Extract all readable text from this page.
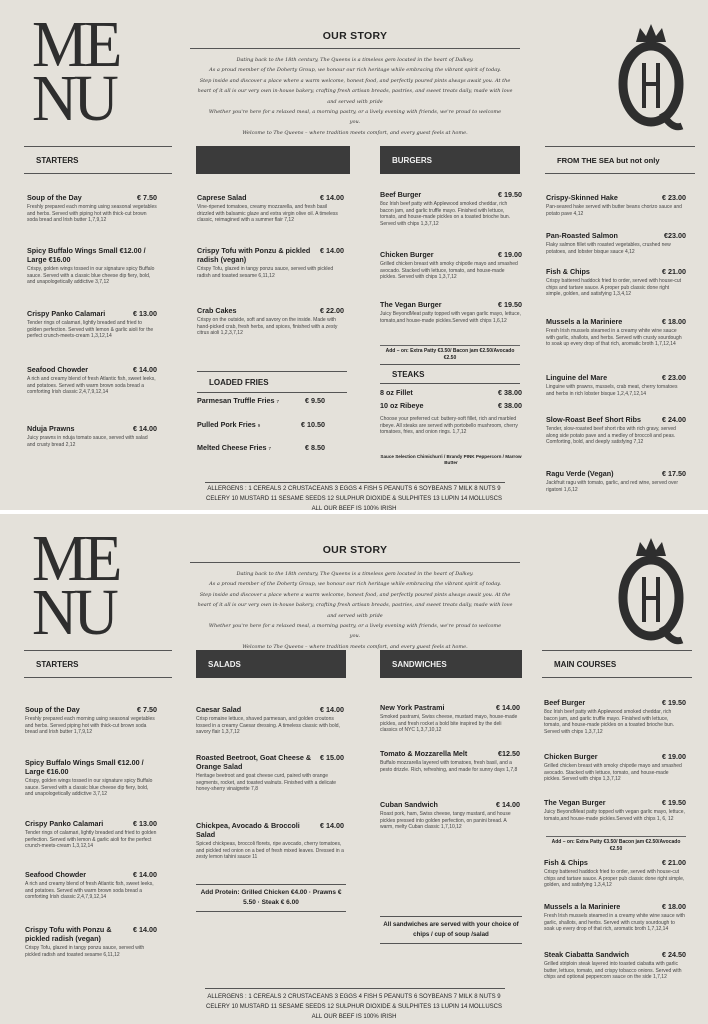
ME
NU
OUR STORY

Dating back to the 18th century, The Queens is a timeless gem located in the heart of Dalkey.

As a proud member of the Doherty Group, we honour our rich heritage while embracing the vibrant spirit of today.

Step inside and discover a place where a warm welcome, honest food, and perfectly poured pints always await you. At the

heart of it all is our very own in-house bakery, crafting fresh artisan breads, pastries, and sweet treats daily, made with love

and served with pride

Whether you're here for a relaxed meal, a morning pastry, or a lively evening with friends, we're proud to welcome

you.

Welcome to The Queens – where tradition meets comfort, and every guest feels at home.

STARTERS	BURGERS	FROM THE SEA but not only
Soup of the Day	€ 7.50
Freshly prepared each morning using seasonal vegetables and herbs. Served with piping hot with thick-cut brown soda bread and Irish butter 1,7,9,12
Spicy Buffalo Wings Small €12.00 / Large €16.00
Crispy, golden wings tossed in our signature spicy Buffalo sauce. Served with a classic blue cheese dip fiery, bold, and unapologetically addictive 3,7,12
Crispy Panko Calamari	€ 13.00
Tender rings of calamari, lightly breaded and fried to golden perfection. Served with lemon & garlic aioli for the perfect crunch-meets-cream 1,3,12,14
Seafood Chowder	€ 14.00
A rich and creamy blend of fresh Atlantic fish, sweet leeks, and potatoes. Served with warm brown soda bread a comforting Irish classic 2,4,7,9,12,14
Nduja Prawns	€ 14.00
Juicy prawns in nduja tomato sauce, served with salad and crusty bread 2,12
Caprese Salad	€ 14.00
Vine-ripened tomatoes, creamy mozzarella, and fresh basil drizzled with balsamic glaze and extra virgin olive oil. A timeless classic, reimagined with a summer flair 7,12
Crispy Tofu with Ponzu & pickled radish (vegan)
€ 14.00
Crispy Tofu, glazed in tangy ponzu sauce, served with pickled radish and toasted sesame 6,11,12
Crab Cakes	€ 22.00
Crispy on the outside, soft and savory on the inside. Made with hand-picked crab, fresh herbs, and spices, finished with a zesty citrus aioli 1,2,3,7,12
LOADED FRIES
Parmesan Truffle Fries 7	€ 9.50
Pulled Pork Fries 9	€ 10.50
Melted Cheese Fries 7	€ 8.50
Beef Burger	€ 19.50
8oz Irish beef patty with Applewood smoked cheddar, rich bacon jam, and garlic truffle mayo. Finished with lettuce, tomato, and house-made pickles on a toasted brioche bun. Served with chips 1,3,7,12
Chicken Burger	€ 19.00
Grilled chicken breast with smoky chipotle mayo and smashed avocado. Stacked with lettuce, tomato, and house-made pickles. Served with chips 1,3,7,12
The Vegan Burger	€ 19.50
Juicy BeyondMeat patty topped with vegan garlic mayo, lettuce, tomato,and house-made pickles.Served with chips 1,6,12
Add – on: Extra Patty €3.50/ Bacon jam €2.50/Avocado €2.50
STEAKS
8 oz Fillet	€ 38.00
10 oz Ribeye	€ 38.00
Choose your preferred cut: buttery-soft fillet, rich and marbled ribeye. All steaks are served with portobello mushroom, cherry tomatoes, fries, and onion rings. 1,7,12
Sauce Selection Chimichurri / Brandy PINK Peppercorn / Marrow Butter
Crispy-Skinned Hake	€ 23.00
Pan-seared hake served with butter beans chorizo sauce and potato pave 4,12
Pan-Roasted Salmon	€23.00
Flaky salmon fillet with roasted vegetables, crushed new potatoes, and lobster bisque sauce 4,12
Fish & Chips	€ 21.00
Crispy battered haddock fried to order, served with house-cut chips and tartare sauce. A proper pub classic done right simple, golden, and satisfying 1,3,4,12
Mussels a la Mariniere	€ 18.00
Fresh Irish mussels steamed in a creamy white wine sauce with garlic, shallots, and herbs. Served with crusty sourdough to soak up every drop of that rich, aromatic broth 1,7,12,14
Linguine del Mare	€ 23.00
Linguine with prawns, mussels, crab meat, cherry tomatoes and herbs in rich lobster bisque 1,2,4,7,12,14
Slow-Roast Beef Short Ribs	€ 24.00
Tender, slow-roasted beef short ribs with rich gravy, served along side potato pave and a medley of broccoli and peas. Comforting, bold, and deeply satisfying 7,12
Ragu Verde (Vegan)	€ 17.50
Jackfruit ragu with tomato, garlic, and red wine, served over rigatoni 1,6,12
ALLERGENS : 1 CEREALS 2 CRUSTACEANS 3 EGGS 4 FISH 5 PEANUTS 6 SOYBEANS 7 MILK 8 NUTS 9
CELERY 10 MUSTARD 11 SESAME SEEDS 12 SULPHUR DIOXIDE & SULPHITES 13 LUPIN 14 MOLLUSCS
ALL OUR BEEF IS 100% IRISH
ME
NU
OUR STORY

Dating back to the 18th century, The Queens is a timeless gem located in the heart of Dalkey.

As a proud member of the Doherty Group, we honour our rich heritage while embracing the vibrant spirit of today.

Step inside and discover a place where a warm welcome, honest food, and perfectly poured pints always await you. At the

heart of it all is our very own in-house bakery, crafting fresh artisan breads, pastries, and sweet treats daily, made with love

and served with pride

Whether you're here for a relaxed meal, a morning pastry, or a lively evening with friends, we're proud to welcome

you.

Welcome to The Queens – where tradition meets comfort, and every guest feels at home.

STARTERS	SALADS	SANDWICHES	MAIN COURSES
Soup of the Day	€ 7.50
Freshly prepared each morning using seasonal vegetables and herbs. Served piping hot with thick-cut brown soda bread and Irish butter 1,7,9,12
Spicy Buffalo Wings Small €12.00 / Large €16.00
Crispy, golden wings tossed in our signature spicy Buffalo sauce. Served with a classic blue cheese dip fiery, bold, and unapologetically addictive 3,7,12
Crispy Panko Calamari	€ 13.00
Tender rings of calamari, lightly breaded and fried to golden perfection. Served with lemon & garlic aioli for the perfect crunch-meets-cream 1,3,12,14
Seafood Chowder	€ 14.00
A rich and creamy blend of fresh Atlantic fish, sweet leeks, and potatoes. Served with warm brown soda bread a comforting Irish classic 2,4,7,9,12,14
Crispy Tofu with Ponzu & pickled radish (vegan)
€ 14.00
Crispy Tofu, glazed in tangy ponzu sauce, served with pickled radish and toasted sesame 6,11,12
Caesar Salad	€ 14.00
Crisp romaine lettuce, shaved parmesan, and golden croutons tossed in a creamy Caesar dressing. A timeless classic with bold, savory flair 1,3,7,12
Roasted Beetroot, Goat Cheese & Orange Salad
€ 15.00
Heritage beetroot and goat cheese curd, paired with orange segments, rocket, and toasted walnuts. Finished with a delicate honey-sherry vinaigrette 7,8
Chickpea, Avocado & Broccoli Salad
€ 14.00
Spiced chickpeas, broccoli florets, ripe avocado, cherry tomatoes, and pickled red onion on a bed of fresh mixed leaves. Dressed in a zesty lemon tahini sauce 11
Add Protein: Grilled Chicken €4.00 · Prawns € 5.50 · Steak € 6.00
New York Pastrami	€ 14.00
Smoked pastrami, Swiss cheese, mustard mayo, house-made pickles, and fresh rocket a bold bite inspired by the deli classics of NYC 1,3,7,10,12
Tomato & Mozzarella Melt	€12.50
Buffalo mozzarella layered with tomatoes, fresh basil, and a pesto drizzle. Rich, refreshing, and made for sunny days 1,7,8
Cuban Sandwich	€ 14.00
Roast pork, ham, Swiss cheese, tangy mustard, and house pickles pressed into golden perfection, on panini bread. A warm, melty Cuban classic 1,7,10,12
All sandwiches are served with your choice of chips / cup of soup /salad
Beef Burger	€ 19.50
8oz Irish beef patty with Applewood smoked cheddar, rich bacon jam, and garlic truffle mayo. Finished with lettuce, tomato, and house-made pickles on a toasted brioche bun. Served with chips 1,3,7,12
Chicken Burger	€ 19.00
Grilled chicken breast with smoky chipotle mayo and smashed avocado. Stacked with lettuce, tomato, and house-made pickles. Served with chips 1,3,7,12
The Vegan Burger	€ 19.50
Juicy BeyondMeat patty topped with vegan garlic mayo, lettuce, tomato,and house-made pickles.Served with chips 1, 6, 12
Add – on: Extra Patty €3.50/ Bacon jam €2.50/Avocado €2.50
Fish & Chips	€ 21.00
Crispy battered haddock fried to order, served with house-cut chips and tartare sauce. A proper pub classic done right simple, golden, and satisfying 1,3,4,12
Mussels a la Mariniere	€ 18.00
Fresh Irish mussels steamed in a creamy white wine sauce with garlic, shallots, and herbs. Served with crusty sourdough to soak up every drop of that rich, aromatic broth 1,7,12,14
Steak Ciabatta Sandwich	€ 24.50
Grilled striploin steak layered into toasted ciabatta with garlic butter, lettuce, tomato, and crispy tobacco onions. Served with chips and optional peppercorn sauce on the side 1,7,12
ALLERGENS : 1 CEREALS 2 CRUSTACEANS 3 EGGS 4 FISH 5 PEANUTS 6 SOYBEANS 7 MILK 8 NUTS 9
CELERY 10 MUSTARD 11 SESAME SEEDS 12 SULPHUR DIOXIDE & SULPHITES 13 LUPIN 14 MOLLUSCS
ALL OUR BEEF IS 100% IRISH
